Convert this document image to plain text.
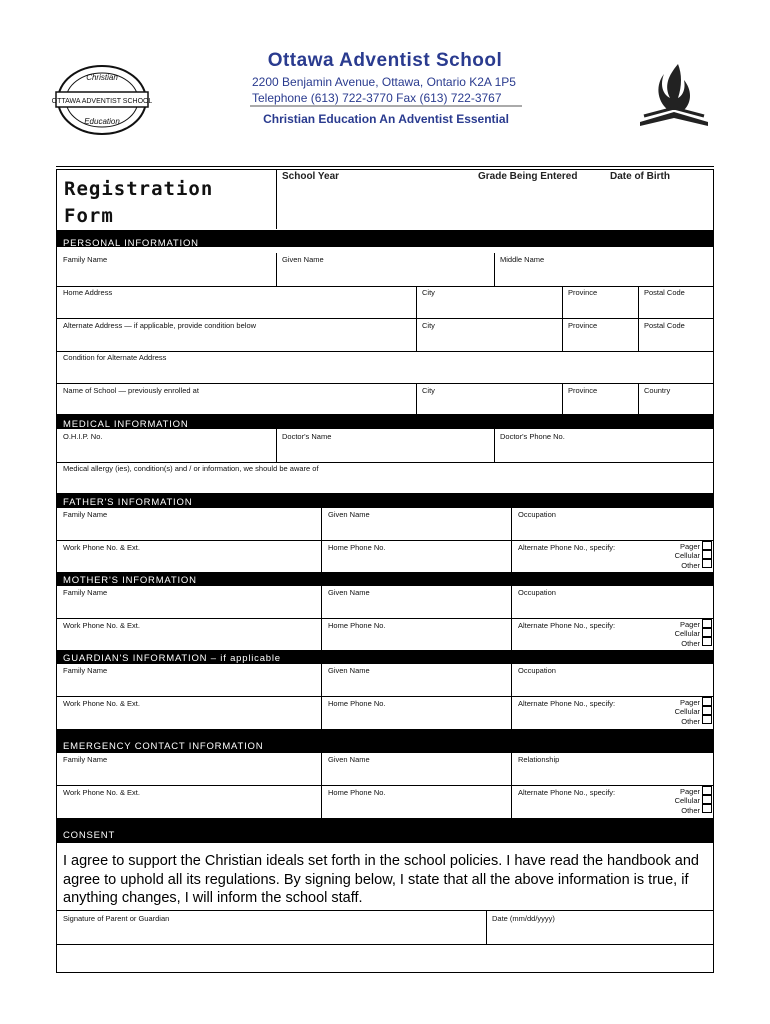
Christian
OTTAWA ADVENTIST SCHOOL
Education
Ottawa Adventist School
2200 Benjamin Avenue, Ottawa, Ontario K2A 1P5
Telephone (613) 722-3770 Fax (613) 722-3767
Christian Education An Adventist Essential
Registration
Form
School Year	Grade Being Entered	Date of Birth
PERSONAL INFORMATION
Family Name	Given Name	Middle Name
Home Address	City	Province	Postal Code
Alternate Address — if applicable, provide condition below	City	Province	Postal Code
Condition for Alternate Address
Name of School — previously enrolled at	City	Province	Country
MEDICAL INFORMATION
O.H.I.P. No.	Doctor's Name	Doctor's Phone No.
Medical allergy (ies), condition(s) and / or information, we should be aware of
FATHER'S INFORMATION
Family Name	Given Name	Occupation
Work Phone No. & Ext.	Home Phone No.	Alternate Phone No., specify:	Pager
Cellular
Other
MOTHER'S INFORMATION
Family Name	Given Name	Occupation
Work Phone No. & Ext.	Home Phone No.	Alternate Phone No., specify:	Pager
Cellular
Other
GUARDIAN'S INFORMATION – if applicable
Family Name	Given Name	Occupation
Work Phone No. & Ext.	Home Phone No.	Alternate Phone No., specify:	Pager
Cellular
Other
EMERGENCY CONTACT INFORMATION
Family Name	Given Name	Relationship
Work Phone No. & Ext.	Home Phone No.	Alternate Phone No., specify:	Pager
Cellular
Other
CONSENT
I agree to support the Christian ideals set forth in the school policies. I have read the handbook and agree to uphold all its regulations. By signing below, I state that all the above information is true, if anything changes, I will inform the school staff.
Signature of Parent or Guardian	Date (mm/dd/yyyy)
